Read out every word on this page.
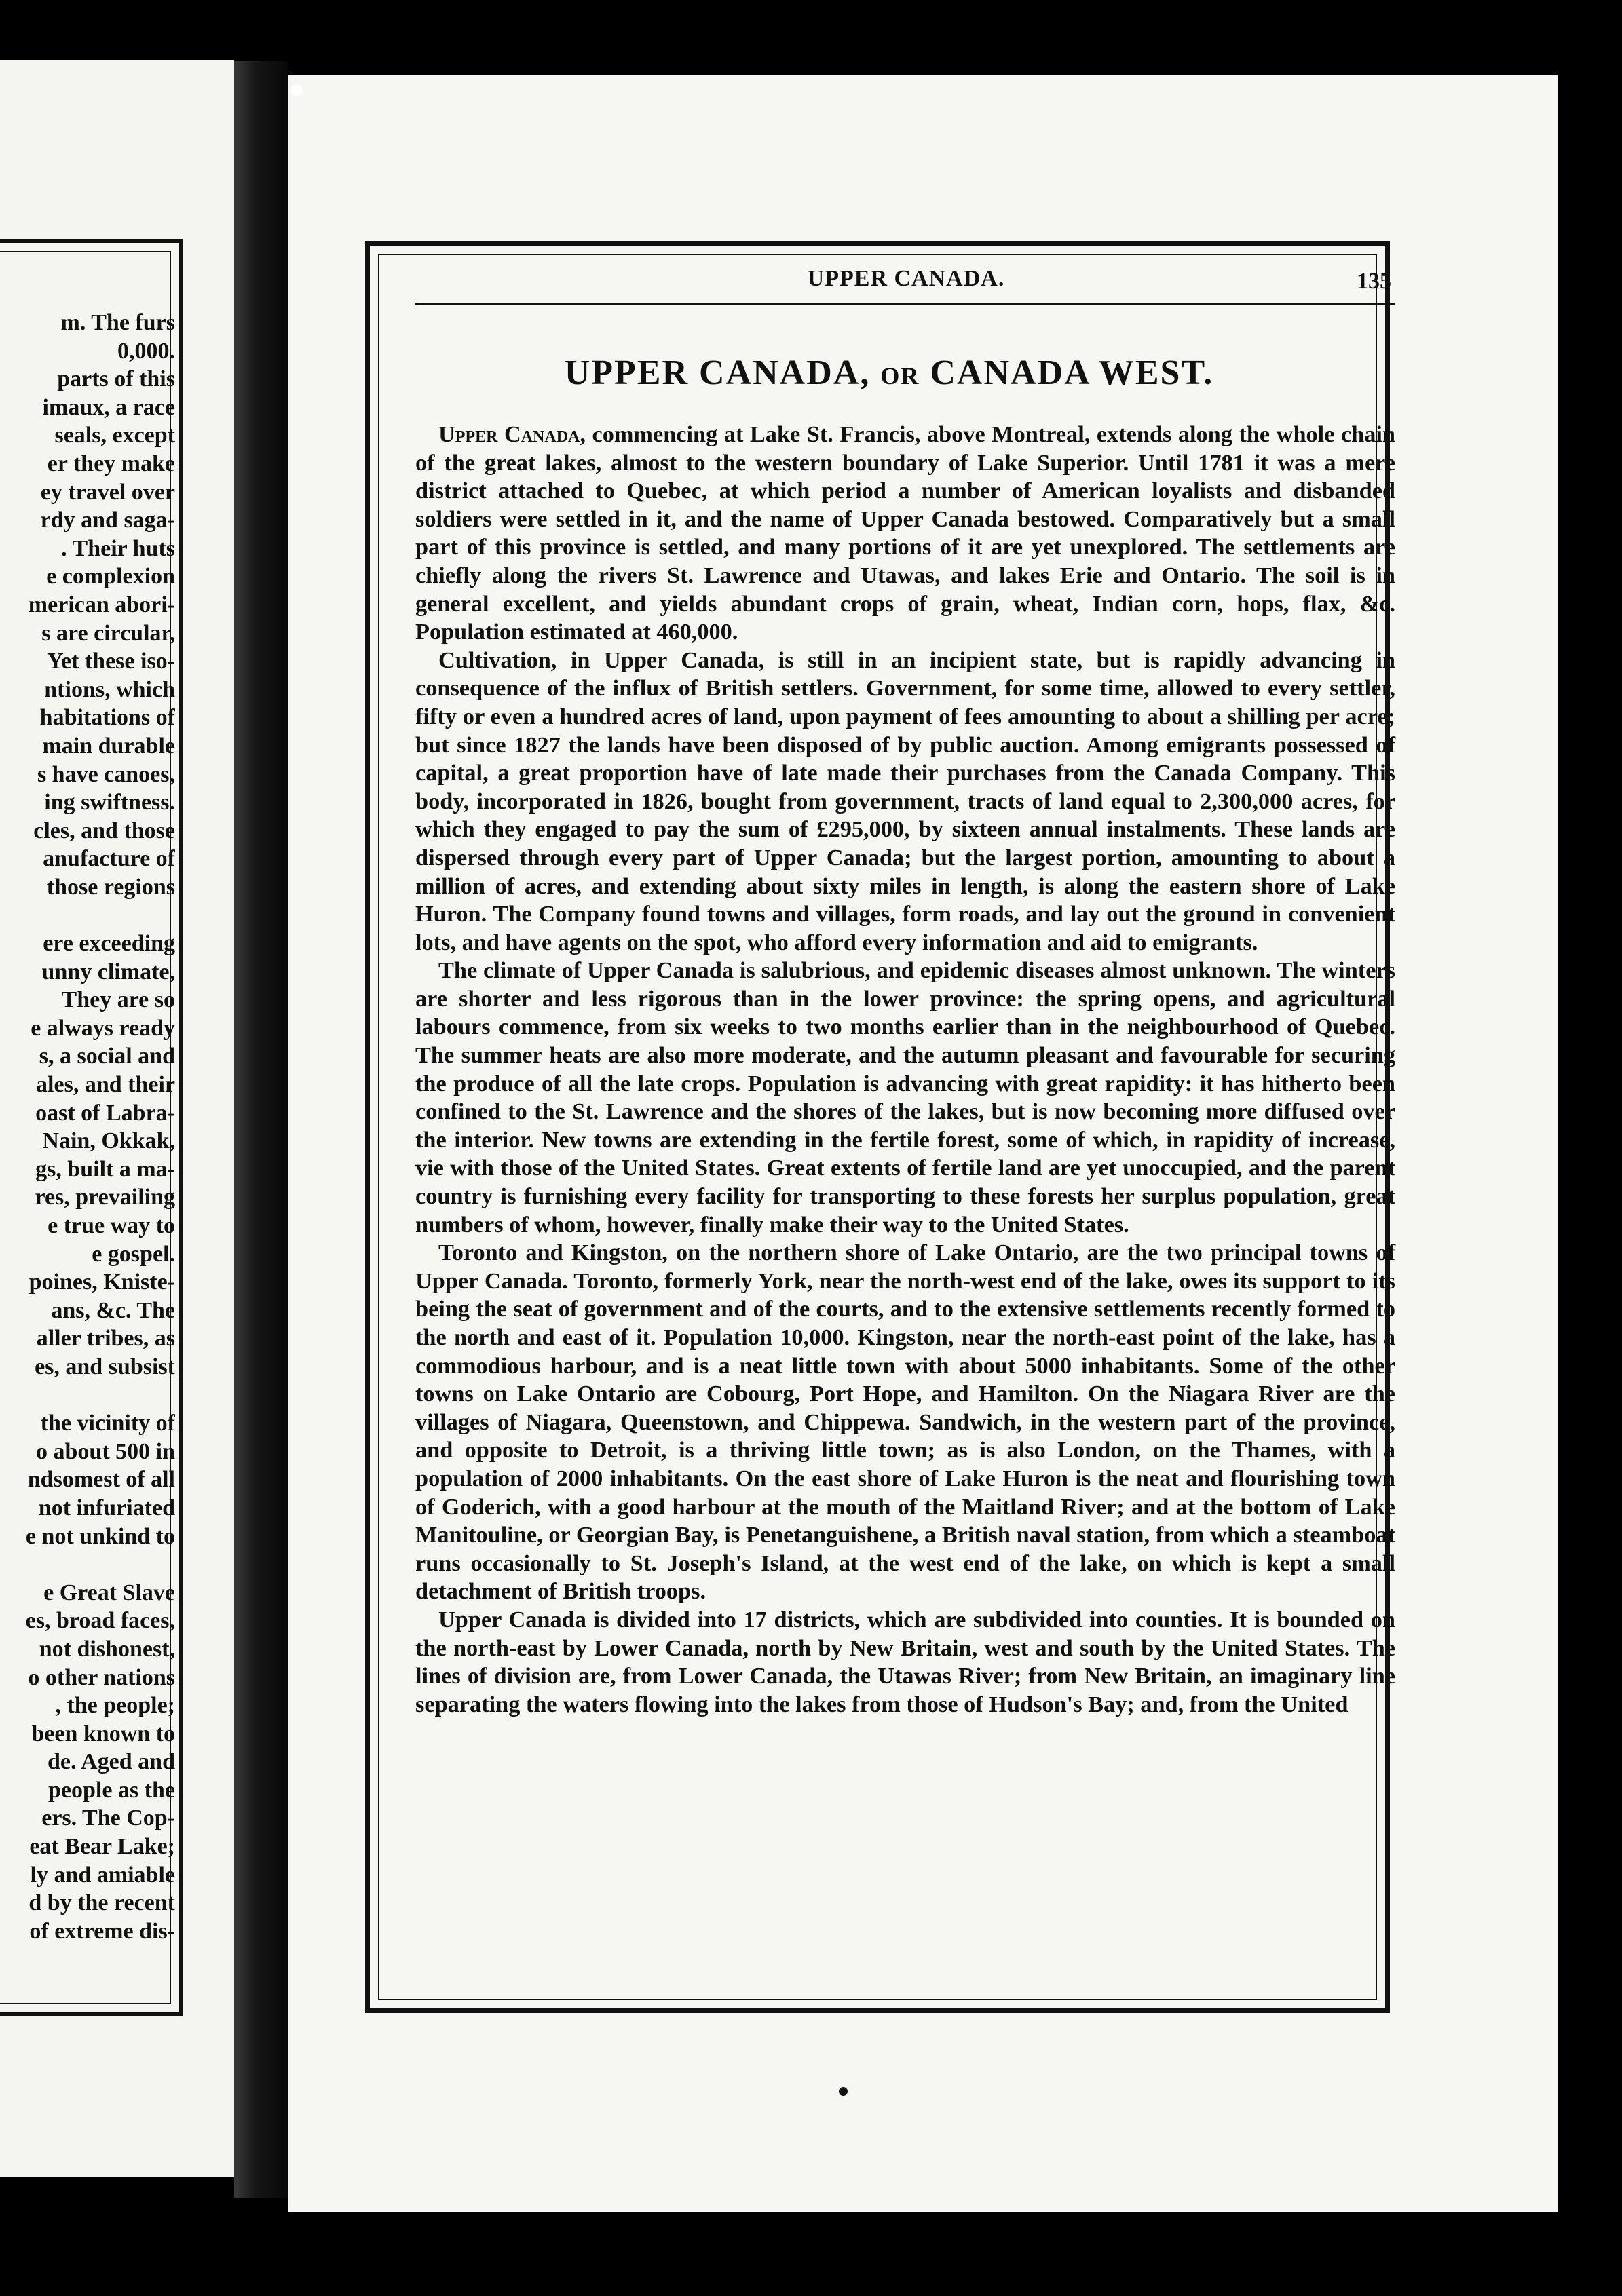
m. The furs
0,000.
parts of this
imaux, a race
seals, except
er they make
ey travel over
rdy and saga-
. Their huts
e complexion
merican abori-
s are circular,
Yet these iso-
ntions, which
habitations of
main durable
s have canoes,
ing swiftness.
cles, and those
anufacture of
those regions
ere exceeding
unny climate,
They are so
e always ready
s, a social and
ales, and their
oast of Labra-
Nain, Okkak,
gs, built a ma-
res, prevailing
e true way to
e gospel.
poines, Kniste-
ans, &c. The
aller tribes, as
es, and subsist
the vicinity of
o about 500 in
ndsomest of all
not infuriated
e not unkind to
e Great Slave
es, broad faces,
not dishonest,
o other nations
, the people;
been known to
de. Aged and
people as the
ers. The Cop-
eat Bear Lake;
ly and amiable
d by the recent
of extreme dis-
UPPER CANADA.	135
UPPER CANADA, OR CANADA WEST.

Upper Canada, commencing at Lake St. Francis, above Montreal, extends along the whole chain of the great lakes, almost to the western boundary of Lake Superior. Until 1781 it was a mere district attached to Quebec, at which period a number of American loyalists and disbanded soldiers were settled in it, and the name of Upper Canada bestowed. Comparatively but a small part of this province is settled, and many portions of it are yet unexplored. The settlements are chiefly along the rivers St. Lawrence and Utawas, and lakes Erie and Ontario. The soil is in general excellent, and yields abundant crops of grain, wheat, Indian corn, hops, flax, &c. Population estimated at 460,000.

Cultivation, in Upper Canada, is still in an incipient state, but is rapidly advancing in consequence of the influx of British settlers. Government, for some time, allowed to every settler, fifty or even a hundred acres of land, upon payment of fees amounting to about a shilling per acre; but since 1827 the lands have been disposed of by public auction. Among emigrants possessed of capital, a great proportion have of late made their purchases from the Canada Company. This body, incorporated in 1826, bought from government, tracts of land equal to 2,300,000 acres, for which they engaged to pay the sum of £295,000, by sixteen annual instalments. These lands are dispersed through every part of Upper Canada; but the largest portion, amounting to about a million of acres, and extending about sixty miles in length, is along the eastern shore of Lake Huron. The Company found towns and villages, form roads, and lay out the ground in convenient lots, and have agents on the spot, who afford every information and aid to emigrants.

The climate of Upper Canada is salubrious, and epidemic diseases almost unknown. The winters are shorter and less rigorous than in the lower province: the spring opens, and agricultural labours commence, from six weeks to two months earlier than in the neighbourhood of Quebec. The summer heats are also more moderate, and the autumn pleasant and favourable for securing the produce of all the late crops. Population is advancing with great rapidity: it has hitherto been confined to the St. Lawrence and the shores of the lakes, but is now becoming more diffused over the interior. New towns are extending in the fertile forest, some of which, in rapidity of increase, vie with those of the United States. Great extents of fertile land are yet unoccupied, and the parent country is furnishing every facility for transporting to these forests her surplus population, great numbers of whom, however, finally make their way to the United States.

Toronto and Kingston, on the northern shore of Lake Ontario, are the two principal towns of Upper Canada. Toronto, formerly York, near the north-west end of the lake, owes its support to its being the seat of government and of the courts, and to the extensive settlements recently formed to the north and east of it. Population 10,000. Kingston, near the north-east point of the lake, has a commodious harbour, and is a neat little town with about 5000 inhabitants. Some of the other towns on Lake Ontario are Cobourg, Port Hope, and Hamilton. On the Niagara River are the villages of Niagara, Queenstown, and Chippewa. Sandwich, in the western part of the province, and opposite to Detroit, is a thriving little town; as is also London, on the Thames, with a population of 2000 inhabitants. On the east shore of Lake Huron is the neat and flourishing town of Goderich, with a good harbour at the mouth of the Maitland River; and at the bottom of Lake Manitouline, or Georgian Bay, is Penetanguishene, a British naval station, from which a steamboat runs occasionally to St. Joseph's Island, at the west end of the lake, on which is kept a small detachment of British troops.

Upper Canada is divided into 17 districts, which are subdivided into counties. It is bounded on the north-east by Lower Canada, north by New Britain, west and south by the United States. The lines of division are, from Lower Canada, the Utawas River; from New Britain, an imaginary line separating the waters flowing into the lakes from those of Hudson's Bay; and, from the United
